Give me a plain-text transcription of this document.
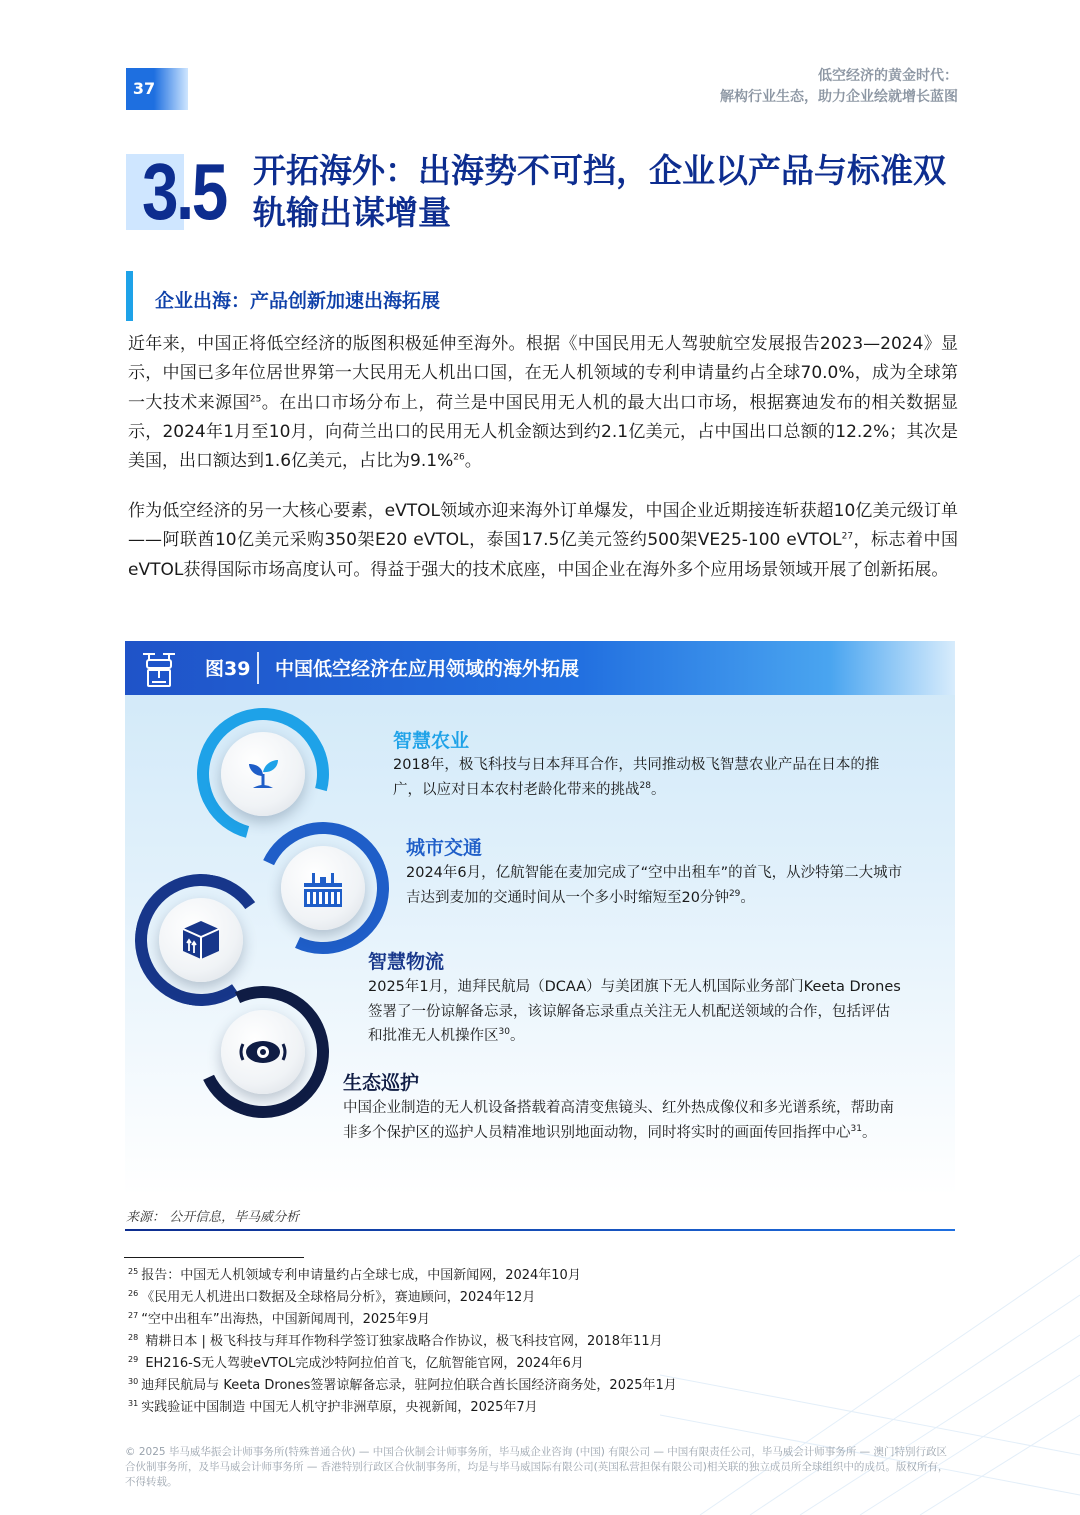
37
低空经济的黄金时代：
解构行业生态，助力企业绘就增长蓝图
3.5 开拓海外：出海势不可挡，企业以产品与标准双轨输出谋增量
企业出海：产品创新加速出海拓展

近年来，中国正将低空经济的版图积极延伸至海外。根据《中国民用无人驾驶航空发展报告2023—2024》显示，中国已多年位居世界第一大民用无人机出口国，在无人机领域的专利申请量约占全球70.0%，成为全球第一大技术来源国$^{25}$。在出口市场分布上，荷兰是中国民用无人机的最大出口市场，根据赛迪发布的相关数据显示，2024年1月至10月，向荷兰出口的民用无人机金额达到约2.1亿美元，占中国出口总额的12.2%；其次是美国，出口额达到1.6亿美元，占比为9.1%$^{26}$。

作为低空经济的另一大核心要素，eVTOL领域亦迎来海外订单爆发，中国企业近期接连斩获超10亿美元级订单——阿联酋10亿美元采购350架E20 eVTOL，泰国17.5亿美元签约500架VE25-100 eVTOL$^{27}$，标志着中国eVTOL获得国际市场高度认可。得益于强大的技术底座，中国企业在海外多个应用场景领域开展了创新拓展。

图39 中国低空经济在应用领域的海外拓展
智慧农业
2018年，极飞科技与日本拜耳合作，共同推动极飞智慧农业产品在日本的推广，以应对日本农村老龄化带来的挑战$^{28}$。
城市交通
2024年6月，亿航智能在麦加完成了“空中出租车”的首飞，从沙特第二大城市吉达到麦加的交通时间从一个多小时缩短至20分钟$^{29}$。
智慧物流
2025年1月，迪拜民航局（DCAA）与美团旗下无人机国际业务部门Keeta Drones签署了一份谅解备忘录，该谅解备忘录重点关注无人机配送领域的合作，包括评估和批准无人机操作区$^{30}$。
生态巡护
中国企业制造的无人机设备搭载着高清变焦镜头、红外热成像仪和多光谱系统，帮助南非多个保护区的巡护人员精准地识别地面动物，同时将实时的画面传回指挥中心$^{31}$。
来源： 公开信息，毕马威分析
$^{25}$ 报告：中国无人机领域专利申请量约占全球七成，中国新闻网，2024年10月
$^{26}$ 《民用无人机进出口数据及全球格局分析》，赛迪顾问，2024年12月
$^{27}$ “空中出租车”出海热，中国新闻周刊，2025年9月
$^{28}$ 精耕日本 | 极飞科技与拜耳作物科学签订独家战略合作协议，极飞科技官网，2018年11月
$^{29}$ EH216-S无人驾驶eVTOL完成沙特阿拉伯首飞，亿航智能官网，2024年6月
$^{30}$ 迪拜民航局与 Keeta Drones签署谅解备忘录，驻阿拉伯联合酋长国经济商务处，2025年1月
$^{31}$ 实践验证中国制造 中国无人机守护非洲草原，央视新闻，2025年7月
© 2025 毕马威华振会计师事务所(特殊普通合伙) — 中国合伙制会计师事务所，毕马威企业咨询 (中国) 有限公司 — 中国有限责任公司，毕马威会计师事务所 — 澳门特别行政区合伙制事务所，及毕马威会计师事务所 — 香港特别行政区合伙制事务所，均是与毕马威国际有限公司(英国私营担保有限公司)相关联的独立成员所全球组织中的成员。版权所有，不得转载。
